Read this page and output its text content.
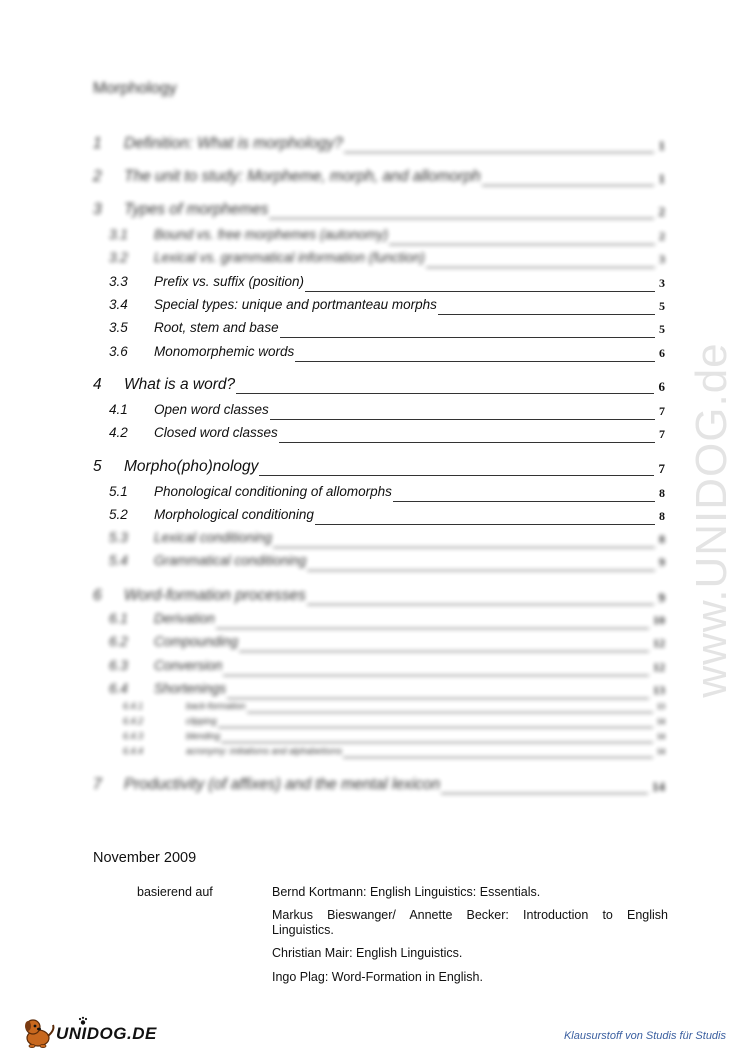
Morphology
www.UNIDOG.de
1 Definition: What is morphology?	1
2 The unit to study: Morpheme, morph, and allomorph	1
3 Types of morphemes	2
3.1 Bound vs. free morphemes (autonomy)	2
3.2 Lexical vs. grammatical information (function)	3
3.3 Prefix vs. suffix (position)	3
3.4 Special types: unique and portmanteau morphs	5
3.5 Root, stem and base	5
3.6 Monomorphemic words	6
4 What is a word?	6
4.1 Open word classes	7
4.2 Closed word classes	7
5 Morpho(pho)nology	7
5.1 Phonological conditioning of allomorphs	8
5.2 Morphological conditioning	8
5.3 Lexical conditioning	8
5.4 Grammatical conditioning	9
6 Word-formation processes	9
6.1 Derivation	10
6.2 Compounding	12
6.3 Conversion	12
6.4 Shortenings	13
6.4.1	back-formation	13
6.4.2	clipping	14
6.4.3	blending	14
6.4.4	acronymy: initialisms and alphabetisms	14
7 Productivity (of affixes) and the mental lexicon	14
November 2009
basierend auf	Bernd Kortmann: English Linguistics: Essentials.
Markus Bieswanger/ Annette Becker: Introduction to English Linguistics.
Christian Mair: English Linguistics.
Ingo Plag: Word-Formation in English.
UNIDOG.DE	Klausurstoff von Studis für Studis
